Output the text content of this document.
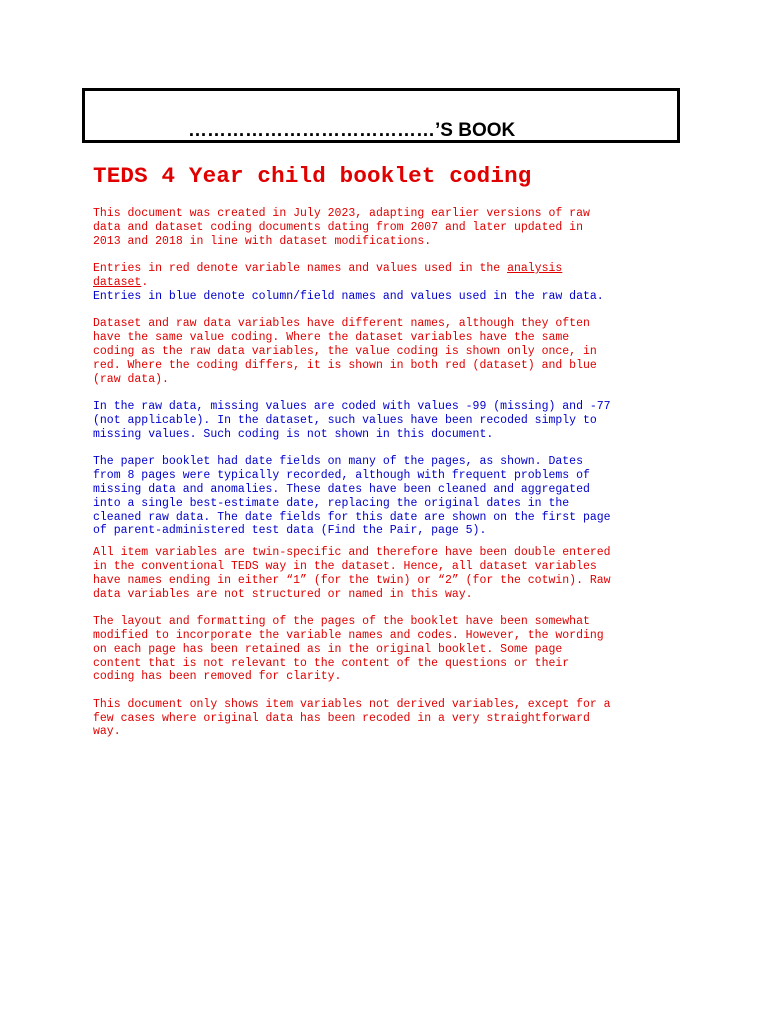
…………………………………’S BOOK
TEDS 4 Year child booklet coding

This document was created in July 2023, adapting earlier versions of raw
data and dataset coding documents dating from 2007 and later updated in
2013 and 2018 in line with dataset modifications.

Entries in red denote variable names and values used in the analysis
dataset.
Entries in blue denote column/field names and values used in the raw data.

Dataset and raw data variables have different names, although they often
have the same value coding. Where the dataset variables have the same
coding as the raw data variables, the value coding is shown only once, in
red. Where the coding differs, it is shown in both red (dataset) and blue
(raw data).

In the raw data, missing values are coded with values -99 (missing) and -77
(not applicable). In the dataset, such values have been recoded simply to
missing values. Such coding is not shown in this document.

The paper booklet had date fields on many of the pages, as shown. Dates
from 8 pages were typically recorded, although with frequent problems of
missing data and anomalies. These dates have been cleaned and aggregated
into a single best-estimate date, replacing the original dates in the
cleaned raw data. The date fields for this date are shown on the first page
of parent-administered test data (Find the Pair, page 5).

All item variables are twin-specific and therefore have been double entered
in the conventional TEDS way in the dataset. Hence, all dataset variables
have names ending in either “1” (for the twin) or “2” (for the cotwin). Raw
data variables are not structured or named in this way.

The layout and formatting of the pages of the booklet have been somewhat
modified to incorporate the variable names and codes. However, the wording
on each page has been retained as in the original booklet. Some page
content that is not relevant to the content of the questions or their
coding has been removed for clarity.

This document only shows item variables not derived variables, except for a
few cases where original data has been recoded in a very straightforward
way.
